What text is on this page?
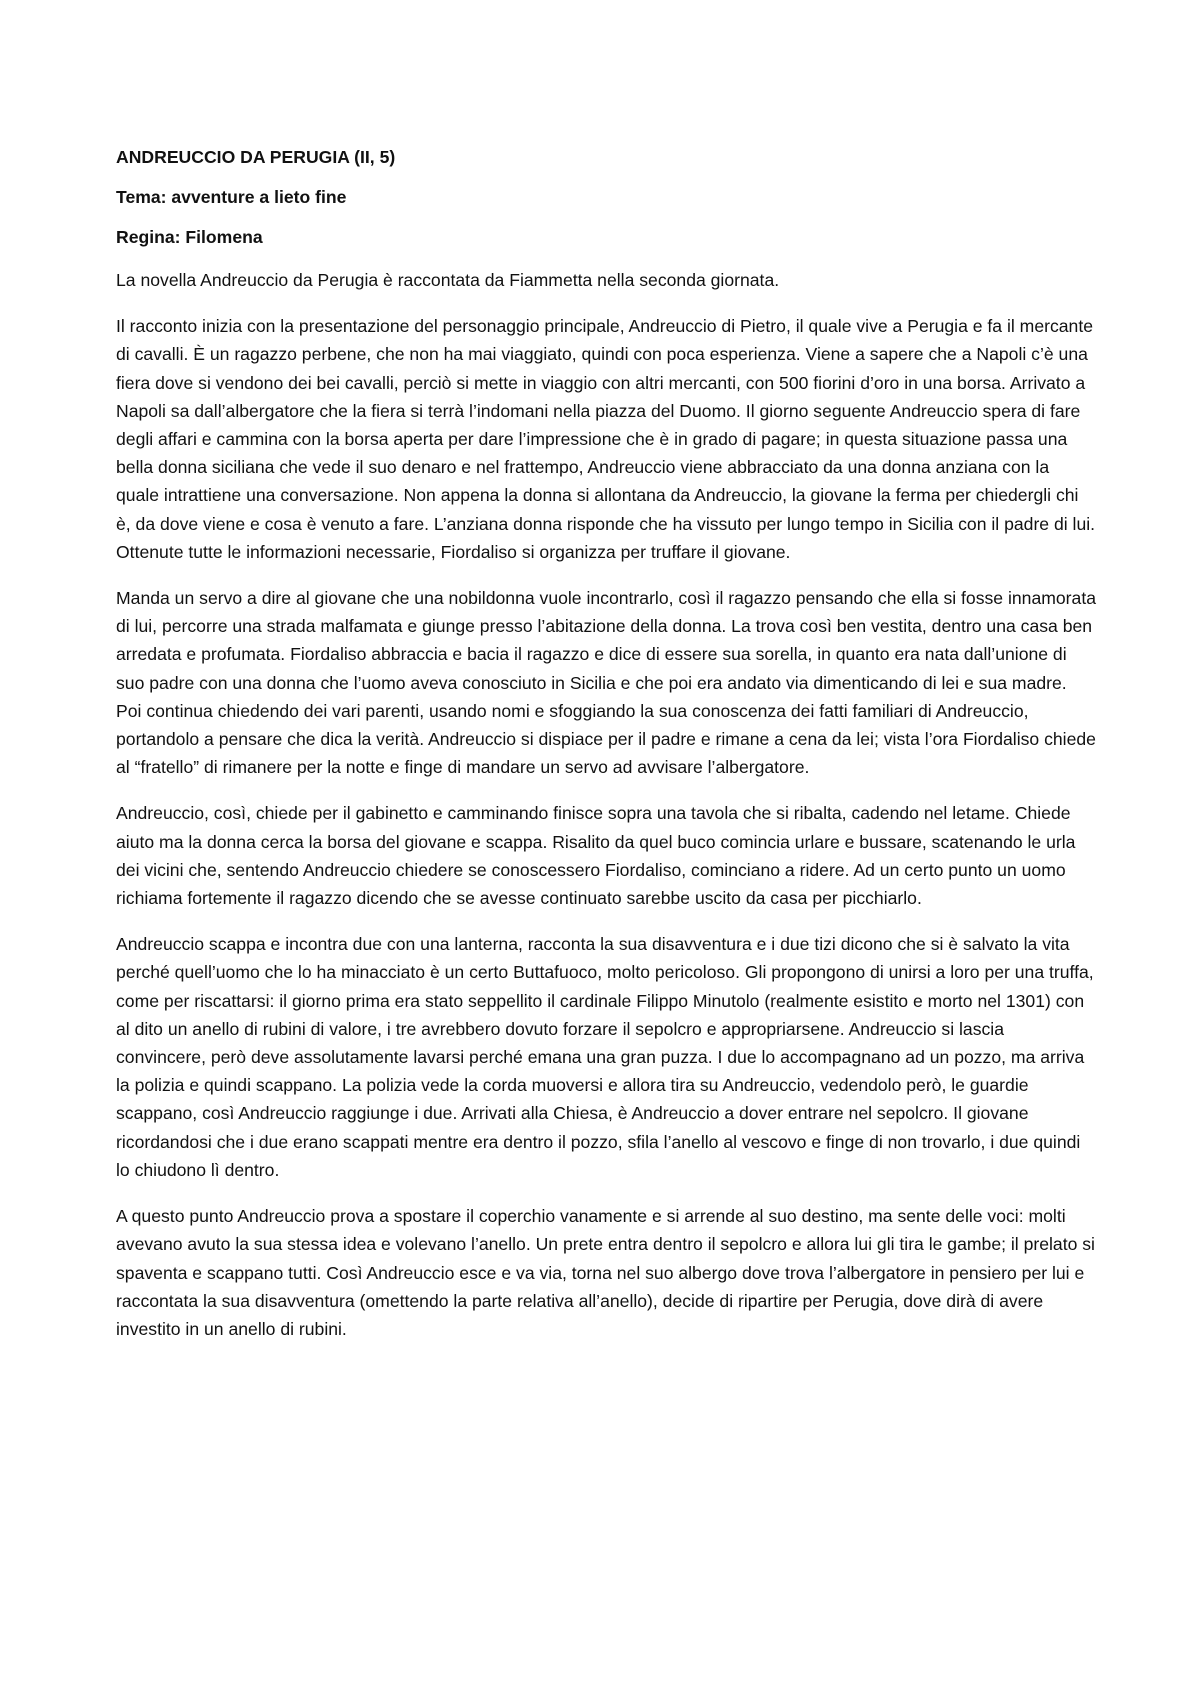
ANDREUCCIO DA PERUGIA (II, 5)

Tema: avventure a lieto fine

Regina: Filomena

La novella Andreuccio da Perugia è raccontata da Fiammetta nella seconda giornata.

Il racconto inizia con la presentazione del personaggio principale, Andreuccio di Pietro, il quale vive a Perugia e fa il mercante di cavalli. È un ragazzo perbene, che non ha mai viaggiato, quindi con poca esperienza. Viene a sapere che a Napoli c’è una fiera dove si vendono dei bei cavalli, perciò si mette in viaggio con altri mercanti, con 500 fiorini d’oro in una borsa. Arrivato a Napoli sa dall’albergatore che la fiera si terrà l’indomani nella piazza del Duomo. Il giorno seguente Andreuccio spera di fare degli affari e cammina con la borsa aperta per dare l’impressione che è in grado di pagare; in questa situazione passa una bella donna siciliana che vede il suo denaro e nel frattempo, Andreuccio viene abbracciato da una donna anziana con la quale intrattiene una conversazione. Non appena la donna si allontana da Andreuccio, la giovane la ferma per chiedergli chi è, da dove viene e cosa è venuto a fare. L’anziana donna risponde che ha vissuto per lungo tempo in Sicilia con il padre di lui. Ottenute tutte le informazioni necessarie, Fiordaliso si organizza per truffare il giovane.

Manda un servo a dire al giovane che una nobildonna vuole incontrarlo, così il ragazzo pensando che ella si fosse innamorata di lui, percorre una strada malfamata e giunge presso l’abitazione della donna. La trova così ben vestita, dentro una casa ben arredata e profumata. Fiordaliso abbraccia e bacia il ragazzo e dice di essere sua sorella, in quanto era nata dall’unione di suo padre con una donna che l’uomo aveva conosciuto in Sicilia e che poi era andato via dimenticando di lei e sua madre. Poi continua chiedendo dei vari parenti, usando nomi e sfoggiando la sua conoscenza dei fatti familiari di Andreuccio, portandolo a pensare che dica la verità. Andreuccio si dispiace per il padre e rimane a cena da lei; vista l’ora Fiordaliso chiede al “fratello” di rimanere per la notte e finge di mandare un servo ad avvisare l’albergatore.

Andreuccio, così, chiede per il gabinetto e camminando finisce sopra una tavola che si ribalta, cadendo nel letame. Chiede aiuto ma la donna cerca la borsa del giovane e scappa. Risalito da quel buco comincia urlare e bussare, scatenando le urla dei vicini che, sentendo Andreuccio chiedere se conoscessero Fiordaliso, cominciano a ridere. Ad un certo punto un uomo richiama fortemente il ragazzo dicendo che se avesse continuato sarebbe uscito da casa per picchiarlo.

Andreuccio scappa e incontra due con una lanterna, racconta la sua disavventura e i due tizi dicono che si è salvato la vita perché quell’uomo che lo ha minacciato è un certo Buttafuoco, molto pericoloso. Gli propongono di unirsi a loro per una truffa, come per riscattarsi: il giorno prima era stato seppellito il cardinale Filippo Minutolo (realmente esistito e morto nel 1301) con al dito un anello di rubini di valore, i tre avrebbero dovuto forzare il sepolcro e appropriarsene. Andreuccio si lascia convincere, però deve assolutamente lavarsi perché emana una gran puzza. I due lo accompagnano ad un pozzo, ma arriva la polizia e quindi scappano. La polizia vede la corda muoversi e allora tira su Andreuccio, vedendolo però, le guardie scappano, così Andreuccio raggiunge i due. Arrivati alla Chiesa, è Andreuccio a dover entrare nel sepolcro. Il giovane ricordandosi che i due erano scappati mentre era dentro il pozzo, sfila l’anello al vescovo e finge di non trovarlo, i due quindi lo chiudono lì dentro.

A questo punto Andreuccio prova a spostare il coperchio vanamente e si arrende al suo destino, ma sente delle voci: molti avevano avuto la sua stessa idea e volevano l’anello. Un prete entra dentro il sepolcro e allora lui gli tira le gambe; il prelato si spaventa e scappano tutti. Così Andreuccio esce e va via, torna nel suo albergo dove trova l’albergatore in pensiero per lui e raccontata la sua disavventura (omettendo la parte relativa all’anello), decide di ripartire per Perugia, dove dirà di avere investito in un anello di rubini.
